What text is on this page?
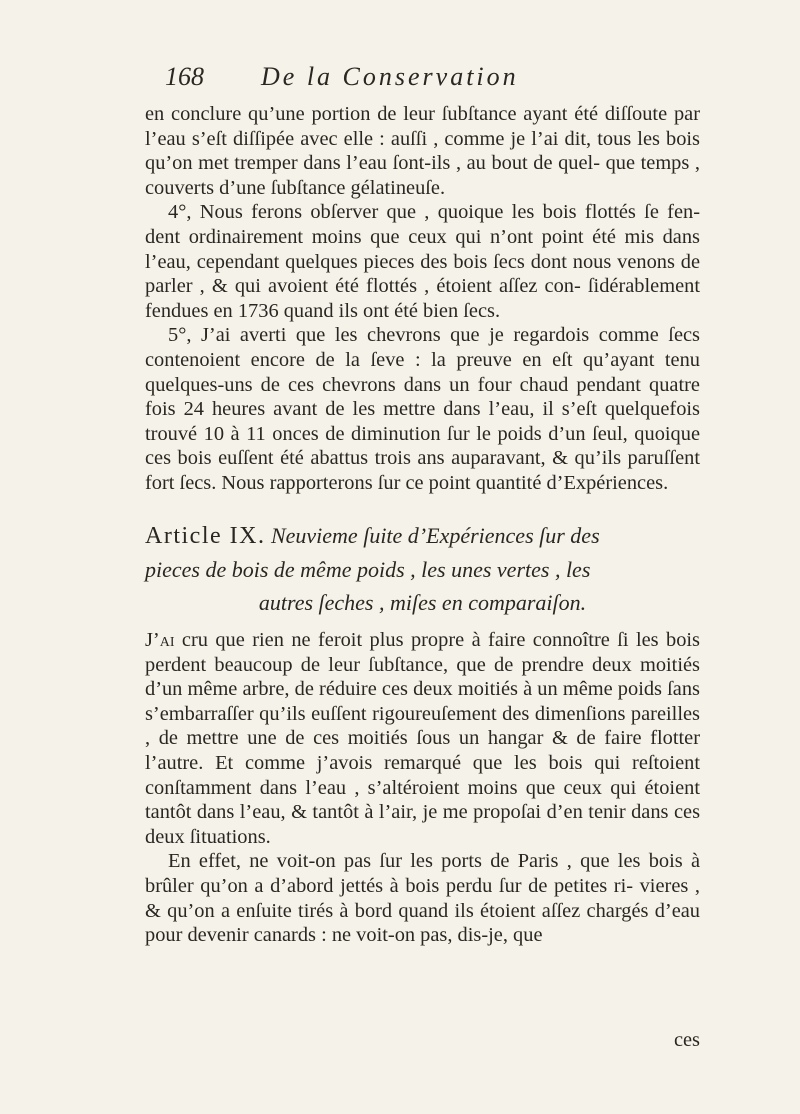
168 De la Conservation

en conclure qu’une portion de leur ſubſtance ayant été diſſoute par l’eau s’eſt diſſipée avec elle : auſſi , comme je l’ai dit, tous les bois qu’on met tremper dans l’eau ſont-ils , au bout de quel- que temps , couverts d’une ſubſtance gélatineuſe.

4°, Nous ferons obſerver que , quoique les bois flottés ſe fen- dent ordinairement moins que ceux qui n’ont point été mis dans l’eau, cependant quelques pieces des bois ſecs dont nous venons de parler , & qui avoient été flottés , étoient aſſez con- ſidérablement fendues en 1736 quand ils ont été bien ſecs.

5°, J’ai averti que les chevrons que je regardois comme ſecs contenoient encore de la ſeve : la preuve en eſt qu’ayant tenu quelques-uns de ces chevrons dans un four chaud pendant quatre fois 24 heures avant de les mettre dans l’eau, il s’eſt quelquefois trouvé 10 à 11 onces de diminution ſur le poids d’un ſeul, quoique ces bois euſſent été abattus trois ans auparavant, & qu’ils paruſſent fort ſecs. Nous rapporterons ſur ce point quantité d’Expériences.

Article IX. Neuvieme ſuite d’Expériences ſur des
pieces de bois de même poids , les unes vertes , les
autres ſeches , miſes en comparaiſon.

J’ai cru que rien ne feroit plus propre à faire connoître ſi les bois perdent beaucoup de leur ſubſtance, que de prendre deux moitiés d’un même arbre, de réduire ces deux moitiés à un même poids ſans s’embarraſſer qu’ils euſſent rigoureuſement des dimenſions pareilles , de mettre une de ces moitiés ſous un hangar & de faire flotter l’autre. Et comme j’avois remarqué que les bois qui reſtoient conſtamment dans l’eau , s’altéroient moins que ceux qui étoient tantôt dans l’eau, & tantôt à l’air, je me propoſai d’en tenir dans ces deux ſituations.

En effet, ne voit-on pas ſur les ports de Paris , que les bois à brûler qu’on a d’abord jettés à bois perdu ſur de petites ri- vieres , & qu’on a enſuite tirés à bord quand ils étoient aſſez chargés d’eau pour devenir canards : ne voit-on pas, dis-je, que

ces
